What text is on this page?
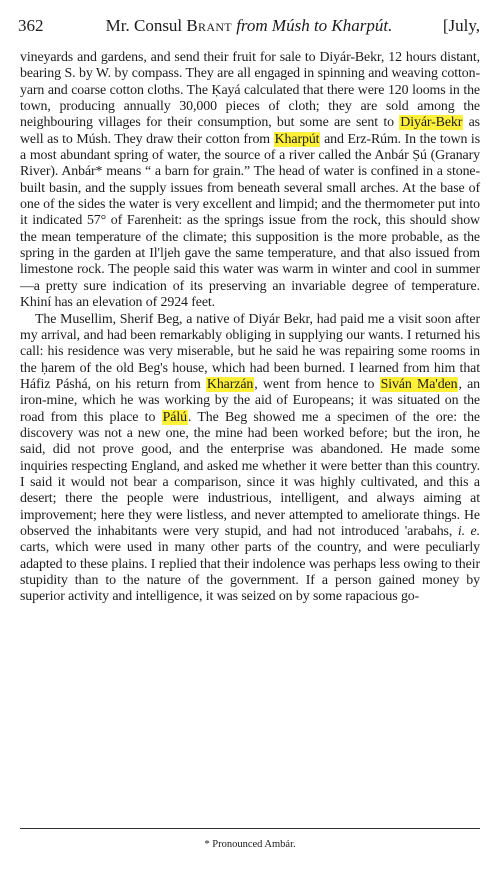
362	Mr. Consul Brant from Músh to Kharpút.	[July,

vineyards and gardens, and send their fruit for sale to Diyár-Bekr, 12 hours distant, bearing S. by W. by compass. They are all engaged in spinning and weaving cotton-yarn and coarse cotton cloths. The Ḳayá calculated that there were 120 looms in the town, producing annually 30,000 pieces of cloth; they are sold among the neighbouring villages for their consumption, but some are sent to Diyár-Bekr as well as to Músh. They draw their cotton from Kharpút and Erz-Rúm. In the town is a most abundant spring of water, the source of a river called the Anbár Ṣú (Granary River). Anbár* means “ a barn for grain.” The head of water is confined in a stone-built basin, and the supply issues from beneath several small arches. At the base of one of the sides the water is very excellent and limpid; and the thermometer put into it indicated 57° of Farenheit: as the springs issue from the rock, this should show the mean temperature of the climate; this supposition is the more probable, as the spring in the garden at Il'ljeh gave the same temperature, and that also issued from limestone rock. The people said this water was warm in winter and cool in summer—a pretty sure indication of its preserving an invariable degree of temperature. Khiní has an elevation of 2924 feet.

The Musellim, Sherif Beg, a native of Diyár Bekr, had paid me a visit soon after my arrival, and had been remarkably obliging in supplying our wants. I returned his call: his residence was very miserable, but he said he was repairing some rooms in the ḥarem of the old Beg's house, which had been burned. I learned from him that Háfiz Páshá, on his return from Kharzán, went from hence to Siván Ma'den, an iron-mine, which he was working by the aid of Europeans; it was situated on the road from this place to Pálú. The Beg showed me a specimen of the ore: the discovery was not a new one, the mine had been worked before; but the iron, he said, did not prove good, and the enterprise was abandoned. He made some inquiries respecting England, and asked me whether it were better than this country. I said it would not bear a comparison, since it was highly cultivated, and this a desert; there the people were industrious, intelligent, and always aiming at improvement; here they were listless, and never attempted to ameliorate things. He observed the inhabitants were very stupid, and had not introduced 'arabahs, i. e. carts, which were used in many other parts of the country, and were peculiarly adapted to these plains. I replied that their indolence was perhaps less owing to their stupidity than to the nature of the government. If a person gained money by superior activity and intelligence, it was seized on by some rapacious go-

* Pronounced Ambár.
